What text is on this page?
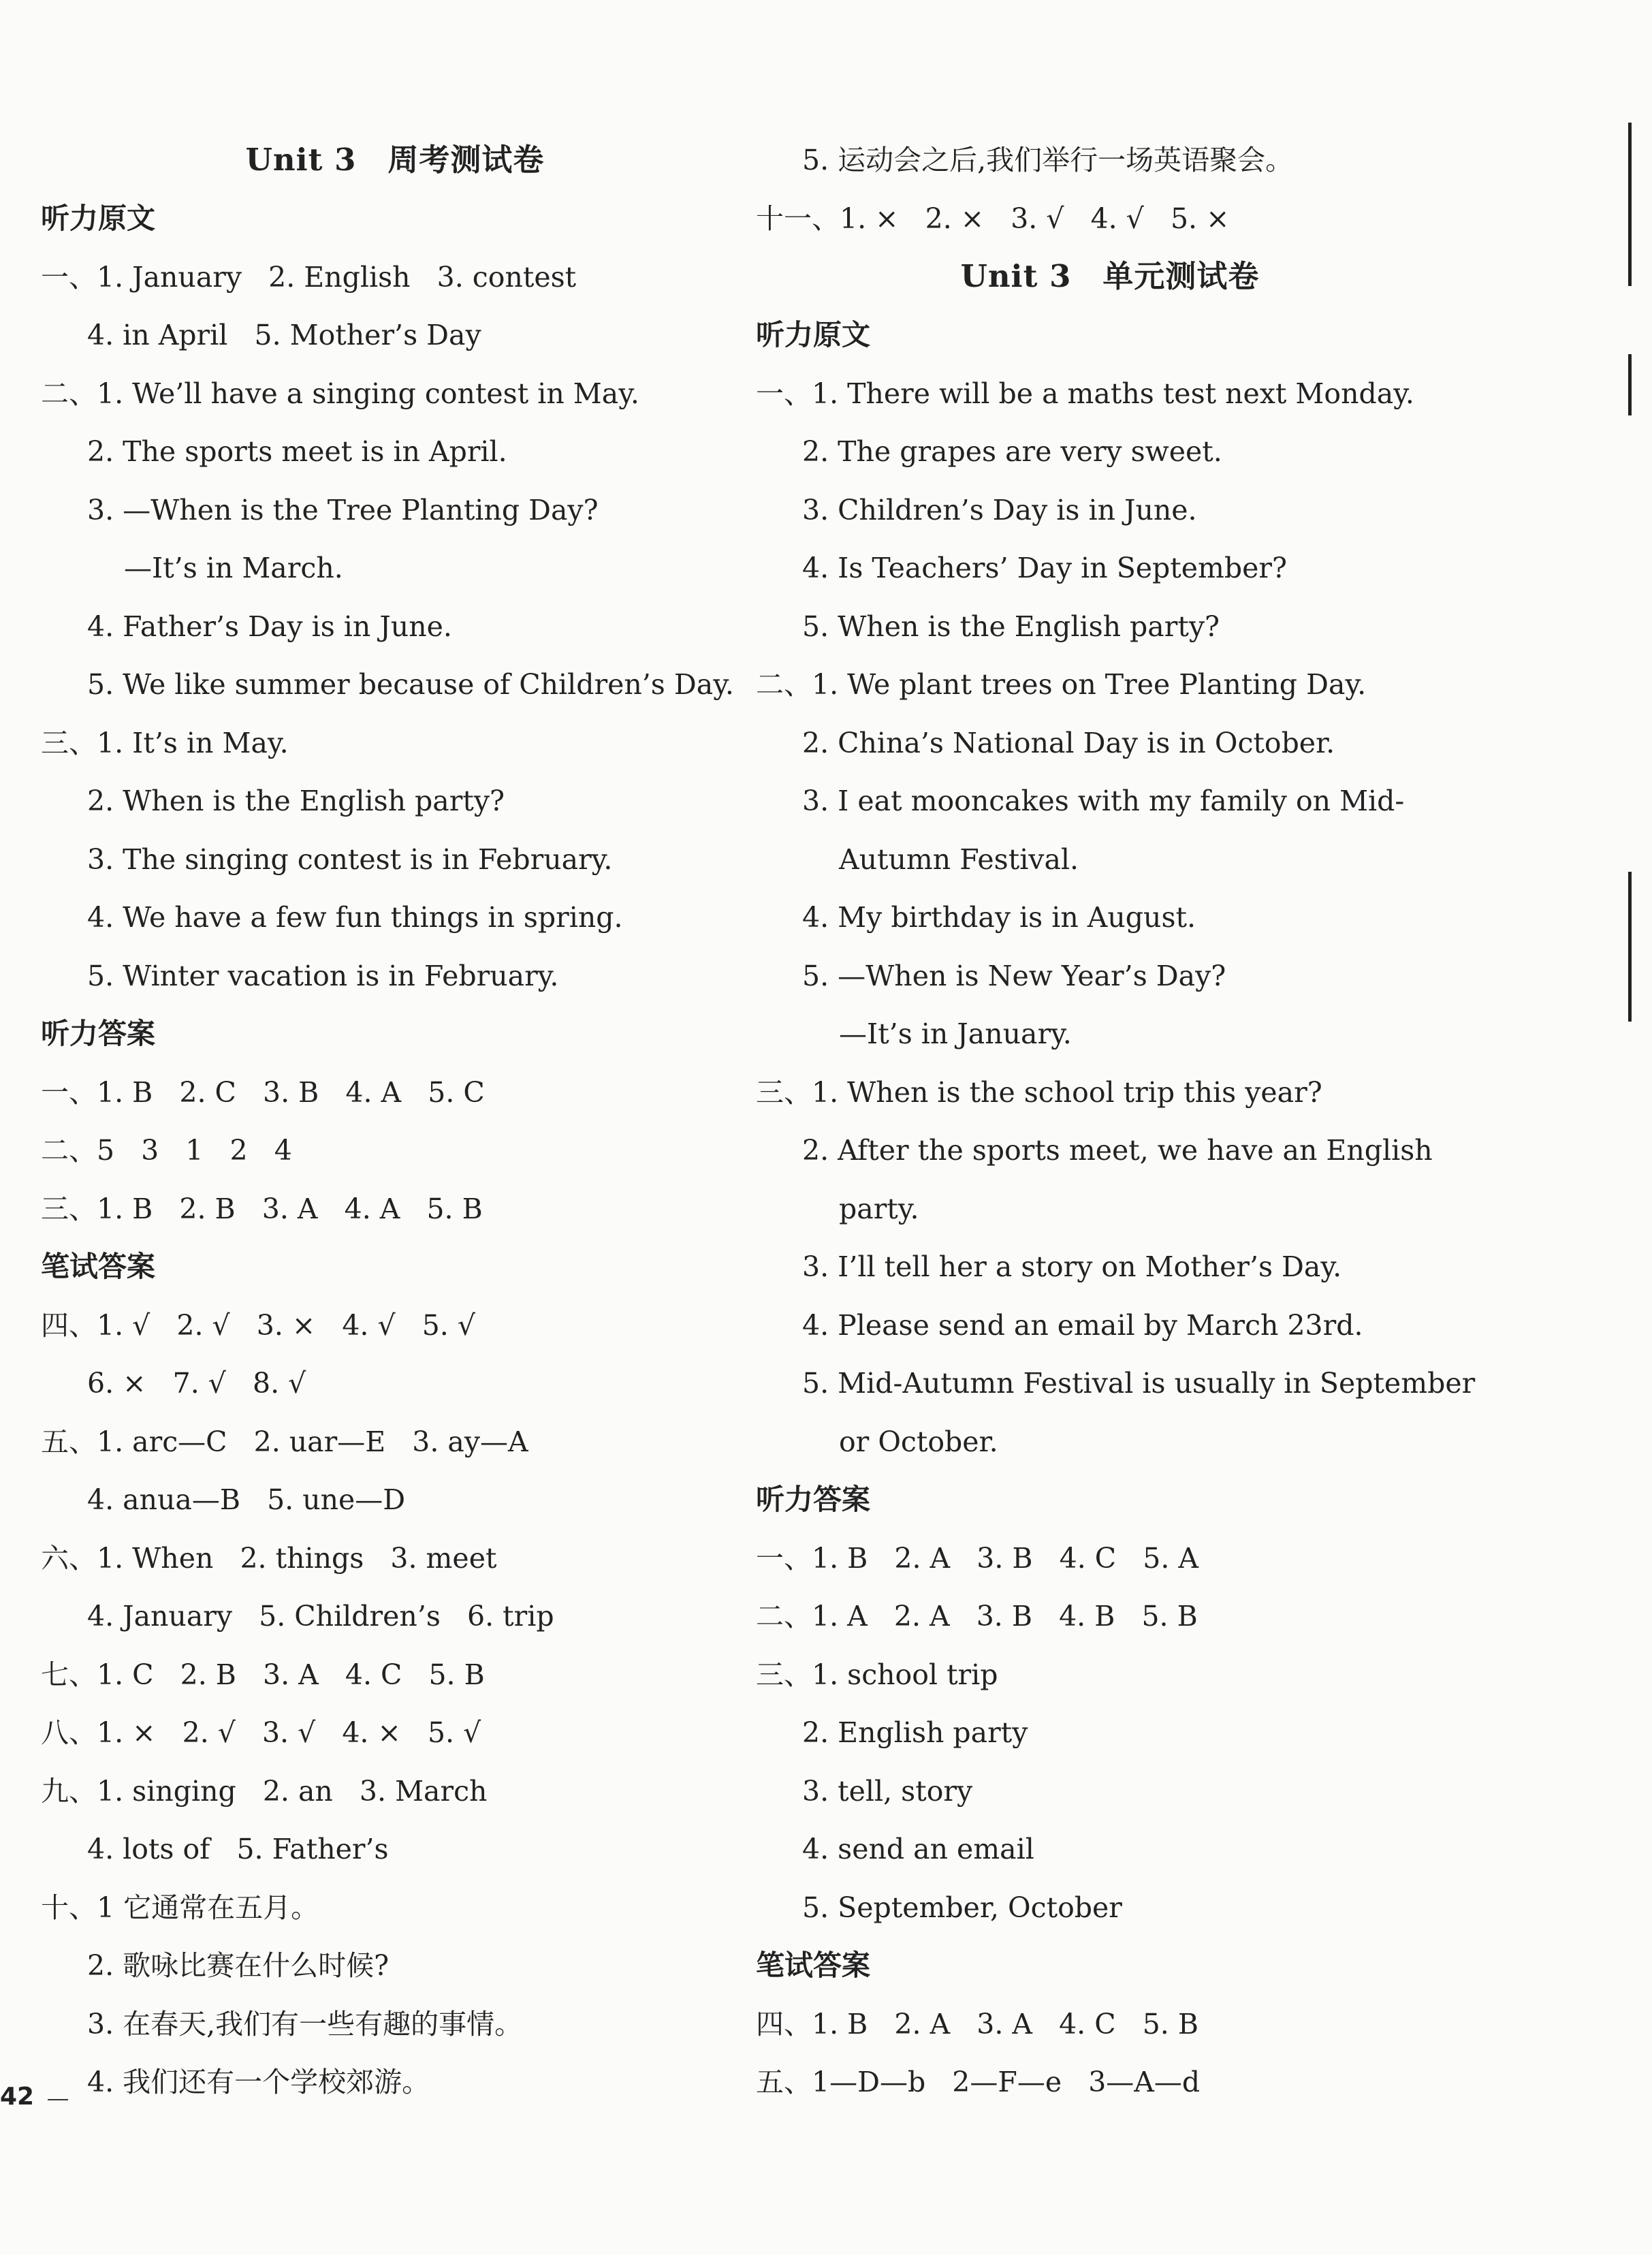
Unit 3　周考测试卷
听力原文
一、1. January   2. English   3. contest
4. in April   5. Mother’s Day
二、1. We’ll have a singing contest in May.
2. The sports meet is in April.
3. —When is the Tree Planting Day?
—It’s in March.
4. Father’s Day is in June.
5. We like summer because of Children’s Day.
三、1. It’s in May.
2. When is the English party?
3. The singing contest is in February.
4. We have a few fun things in spring.
5. Winter vacation is in February.
听力答案
一、1. B   2. C   3. B   4. A   5. C
二、5   3   1   2   4
三、1. B   2. B   3. A   4. A   5. B
笔试答案
四、1. √   2. √   3. ×   4. √   5. √
6. ×   7. √   8. √
五、1. arc—C   2. uar—E   3. ay—A
4. anua—B   5. une—D
六、1. When   2. things   3. meet
4. January   5. Children’s   6. trip
七、1. C   2. B   3. A   4. C   5. B
八、1. ×   2. √   3. √   4. ×   5. √
九、1. singing   2. an   3. March
4. lots of   5. Father’s
十、1 它通常在五月。
2. 歌咏比赛在什么时候?
3. 在春天,我们有一些有趣的事情。
4. 我们还有一个学校郊游。
Unit 3　单元测试卷
5. 运动会之后,我们举行一场英语聚会。
十一、1. ×   2. ×   3. √   4. √   5. ×
听力原文
一、1. There will be a maths test next Monday.
2. The grapes are very sweet.
3. Children’s Day is in June.
4. Is Teachers’ Day in September?
5. When is the English party?
二、1. We plant trees on Tree Planting Day.
2. China’s National Day is in October.
3. I eat mooncakes with my family on Mid-
Autumn Festival.
4. My birthday is in August.
5. —When is New Year’s Day?
—It’s in January.
三、1. When is the school trip this year?
2. After the sports meet, we have an English
party.
3. I’ll tell her a story on Mother’s Day.
4. Please send an email by March 23rd.
5. Mid-Autumn Festival is usually in September
or October.
听力答案
一、1. B   2. A   3. B   4. C   5. A
二、1. A   2. A   3. B   4. B   5. B
三、1. school trip
2. English party
3. tell, story
4. send an email
5. September, October
笔试答案
四、1. B   2. A   3. A   4. C   5. B
五、1—D—b   2—F—e   3—A—d
42
